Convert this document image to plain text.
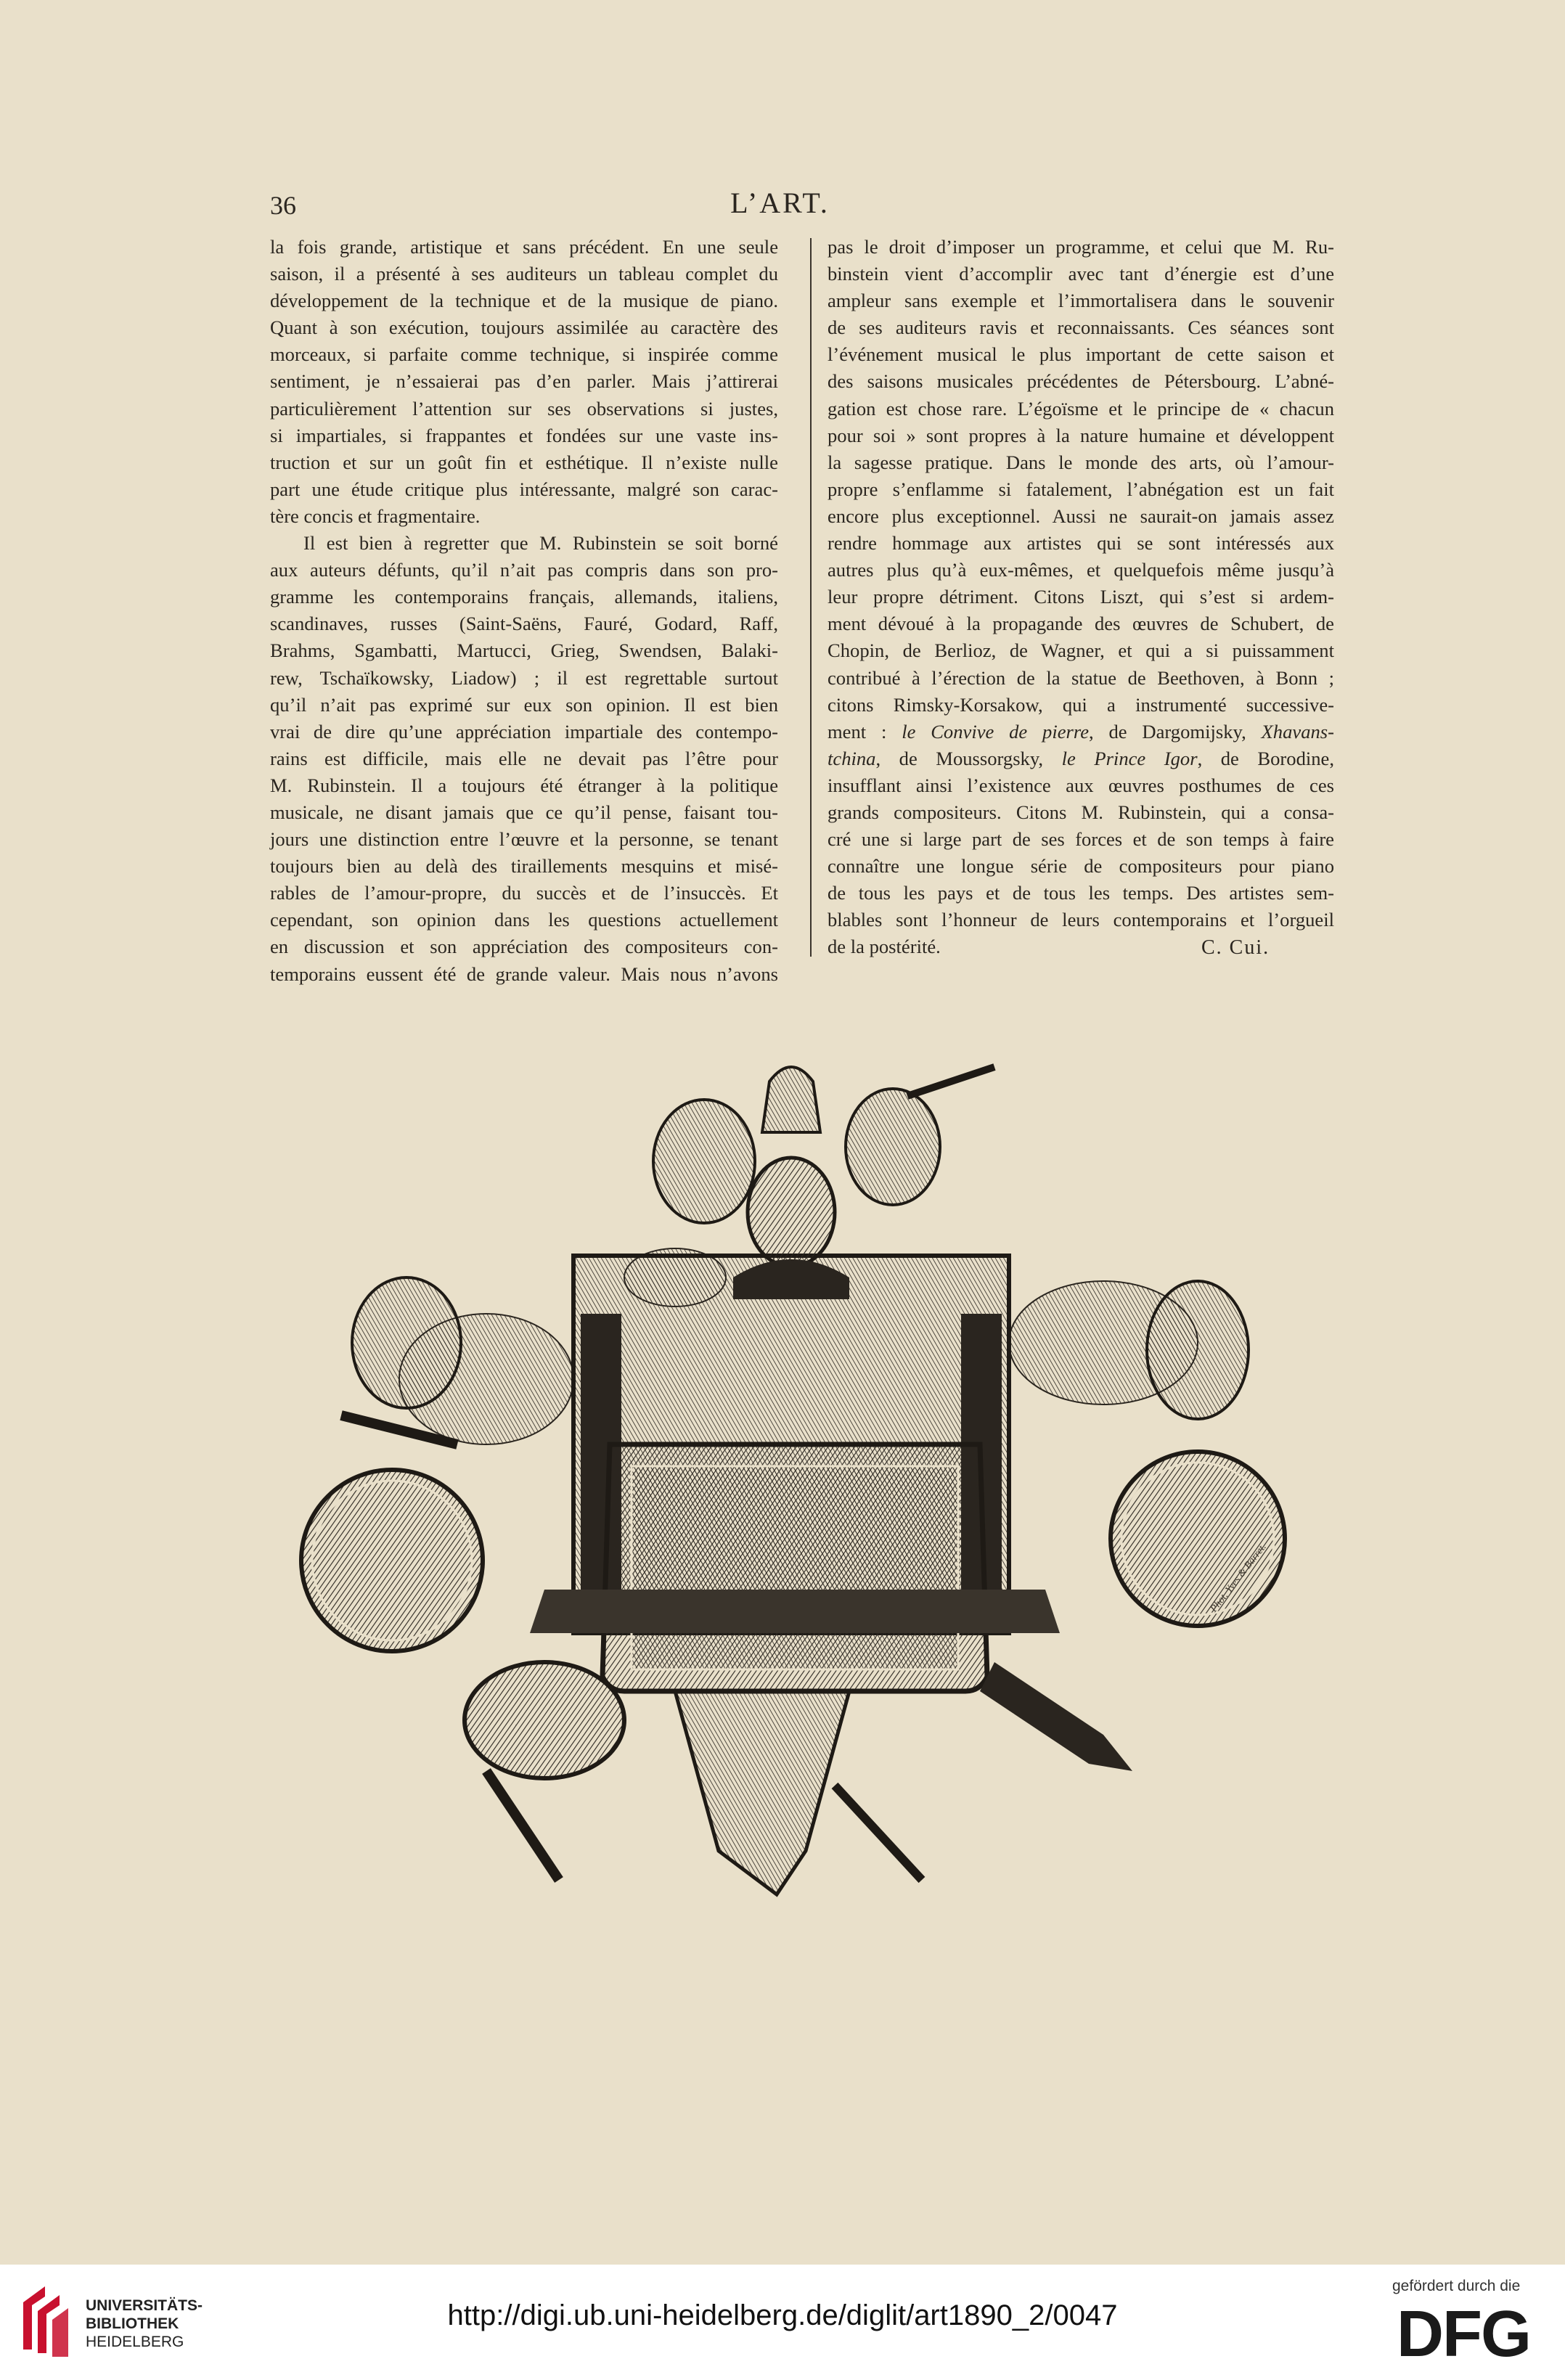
36	L’ART.

la fois grande, artistique et sans précédent. En une seule
saison, il a présenté à ses auditeurs un tableau complet du
développement de la technique et de la musique de piano.
Quant à son exécution, toujours assimilée au caractère des
morceaux, si parfaite comme technique, si inspirée comme
sentiment, je n’essaierai pas d’en parler. Mais j’attirerai
particulièrement l’attention sur ses observations si justes,
si impartiales, si frappantes et fondées sur une vaste ins-
truction et sur un goût fin et esthétique. Il n’existe nulle
part une étude critique plus intéressante, malgré son carac-
tère concis et fragmentaire.

Il est bien à regretter que M. Rubinstein se soit borné
aux auteurs défunts, qu’il n’ait pas compris dans son pro-
gramme les contemporains français, allemands, italiens,
scandinaves, russes (Saint-Saëns, Fauré, Godard, Raff,
Brahms, Sgambatti, Martucci, Grieg, Swendsen, Balaki-
rew, Tschaïkowsky, Liadow) ; il est regrettable surtout
qu’il n’ait pas exprimé sur eux son opinion. Il est bien
vrai de dire qu’une appréciation impartiale des contempo-
rains est difficile, mais elle ne devait pas l’être pour
M. Rubinstein. Il a toujours été étranger à la politique
musicale, ne disant jamais que ce qu’il pense, faisant tou-
jours une distinction entre l’œuvre et la personne, se tenant
toujours bien au delà des tiraillements mesquins et misé-
rables de l’amour-propre, du succès et de l’insuccès. Et
cependant, son opinion dans les questions actuellement
en discussion et son appréciation des compositeurs con-
temporains eussent été de grande valeur. Mais nous n’avons

pas le droit d’imposer un programme, et celui que M. Ru-
binstein vient d’accomplir avec tant d’énergie est d’une
ampleur sans exemple et l’immortalisera dans le souvenir
de ses auditeurs ravis et reconnaissants. Ces séances sont
l’événement musical le plus important de cette saison et
des saisons musicales précédentes de Pétersbourg. L’abné-
gation est chose rare. L’égoïsme et le principe de « chacun
pour soi » sont propres à la nature humaine et développent
la sagesse pratique. Dans le monde des arts, où l’amour-
propre s’enflamme si fatalement, l’abnégation est un fait
encore plus exceptionnel. Aussi ne saurait-on jamais assez
rendre hommage aux artistes qui se sont intéressés aux
autres plus qu’à eux-mêmes, et quelquefois même jusqu’à
leur propre détriment. Citons Liszt, qui s’est si ardem-
ment dévoué à la propagande des œuvres de Schubert, de
Chopin, de Berlioz, de Wagner, et qui a si puissamment
contribué à l’érection de la statue de Beethoven, à Bonn ;
citons Rimsky-Korsakow, qui a instrumenté successive-
ment : le Convive de pierre, de Dargomijsky, Xhavans-
tchina, de Moussorgsky, le Prince Igor, de Borodine,
insufflant ainsi l’existence aux œuvres posthumes de ces
grands compositeurs. Citons M. Rubinstein, qui a consa-
cré une si large part de ses forces et de son temps à faire
connaître une longue série de compositeurs pour piano
de tous les pays et de tous les temps. Des artistes sem-
blables sont l’honneur de leurs contemporains et l’orgueil
de la postérité.	C. Cui.
Phot. Yves & Barret.
UNIVERSITÄTS-
BIBLIOTHEK
HEIDELBERG
http://digi.ub.uni-heidelberg.de/diglit/art1890_2/0047
gefördert durch die
DFG
